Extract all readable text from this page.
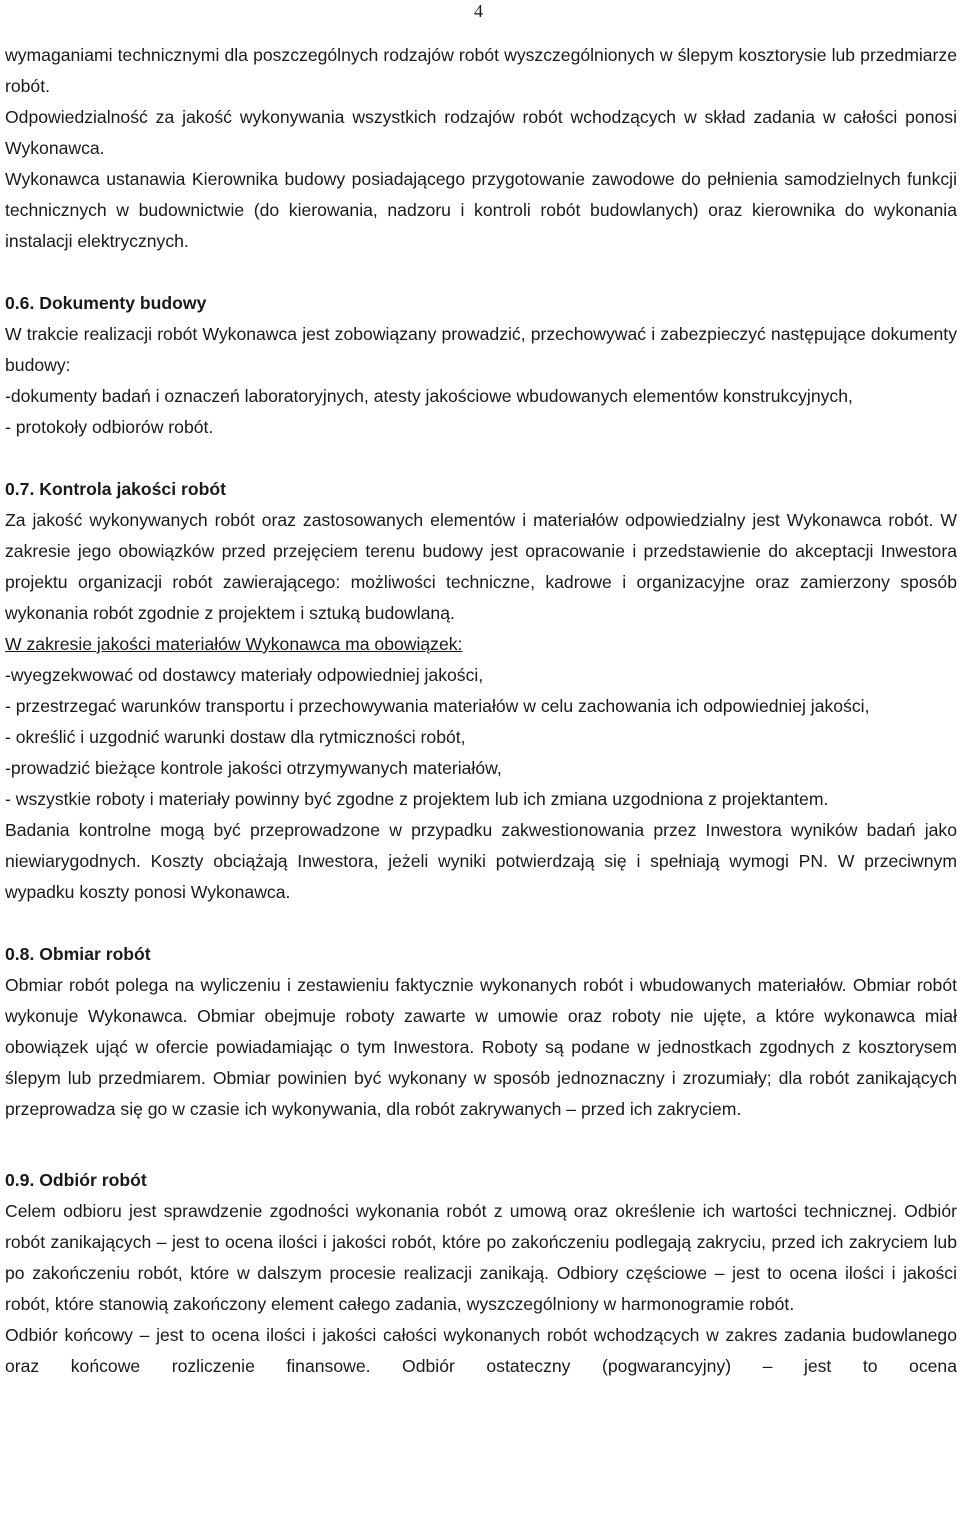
4

wymaganiami technicznymi dla poszczególnych rodzajów robót wyszczególnionych w ślepym kosztorysie lub przedmiarze robót.

Odpowiedzialność za jakość wykonywania wszystkich rodzajów robót wchodzących w skład zadania w całości ponosi Wykonawca.

Wykonawca ustanawia Kierownika budowy posiadającego przygotowanie zawodowe do pełnienia samodzielnych funkcji technicznych w budownictwie (do kierowania, nadzoru i kontroli robót budowlanych) oraz kierownika do wykonania instalacji elektrycznych.

0.6. Dokumenty budowy

W trakcie realizacji robót Wykonawca jest zobowiązany prowadzić, przechowywać i zabezpieczyć następujące dokumenty budowy:

-dokumenty badań i oznaczeń laboratoryjnych, atesty jakościowe wbudowanych elementów konstrukcyjnych,

- protokoły odbiorów robót.

0.7. Kontrola jakości robót

Za jakość wykonywanych robót oraz zastosowanych elementów i materiałów odpowiedzialny jest Wykonawca robót. W zakresie jego obowiązków przed przejęciem terenu budowy jest opracowanie i przedstawienie do akceptacji Inwestora projektu organizacji robót zawierającego: możliwości techniczne, kadrowe i organizacyjne oraz zamierzony sposób wykonania robót zgodnie z projektem i sztuką budowlaną.

W zakresie jakości materiałów Wykonawca ma obowiązek:

-wyegzekwować od dostawcy materiały odpowiedniej jakości,

- przestrzegać warunków transportu i przechowywania materiałów w celu zachowania ich odpowiedniej jakości,

- określić i uzgodnić warunki dostaw dla rytmiczności robót,

-prowadzić bieżące kontrole jakości otrzymywanych materiałów,

- wszystkie roboty i materiały powinny być zgodne z projektem lub ich zmiana uzgodniona z projektantem.

Badania kontrolne mogą być przeprowadzone w przypadku zakwestionowania przez Inwestora wyników badań jako niewiarygodnych. Koszty obciążają Inwestora, jeżeli wyniki potwierdzają się i spełniają wymogi PN. W przeciwnym wypadku koszty ponosi Wykonawca.

0.8. Obmiar robót

Obmiar robót polega na wyliczeniu i zestawieniu faktycznie wykonanych robót i wbudowanych materiałów. Obmiar robót wykonuje Wykonawca. Obmiar obejmuje roboty zawarte w umowie oraz roboty nie ujęte, a które wykonawca miał obowiązek ująć w ofercie powiadamiając o tym Inwestora. Roboty są podane w jednostkach zgodnych z kosztorysem ślepym lub przedmiarem. Obmiar powinien być wykonany w sposób jednoznaczny i zrozumiały; dla robót zanikających przeprowadza się go w czasie ich wykonywania, dla robót zakrywanych – przed ich zakryciem.

0.9. Odbiór robót

Celem odbioru jest sprawdzenie zgodności wykonania robót z umową oraz określenie ich wartości technicznej. Odbiór robót zanikających – jest to ocena ilości i jakości robót, które po zakończeniu podlegają zakryciu, przed ich zakryciem lub po zakończeniu robót, które w dalszym procesie realizacji zanikają. Odbiory częściowe – jest to ocena ilości i jakości robót, które stanowią zakończony element całego zadania, wyszczególniony w harmonogramie robót.

Odbiór końcowy – jest to ocena ilości i jakości całości wykonanych robót wchodzących w zakres zadania budowlanego oraz końcowe rozliczenie finansowe. Odbiór ostateczny (pogwarancyjny) – jest to ocena
